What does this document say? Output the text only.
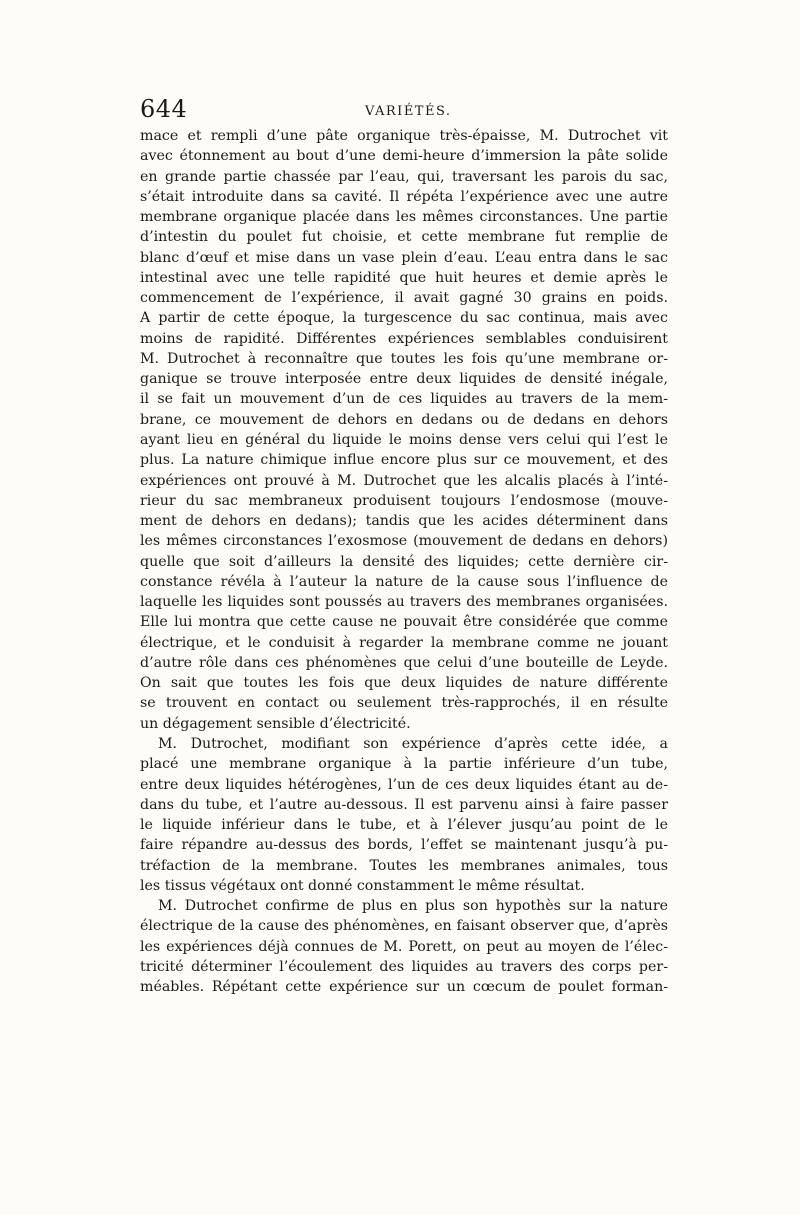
644	VARIÉTÉS.
mace et rempli d’une pâte organique très-épaisse, M. Dutrochet vit
avec étonnement au bout d’une demi-heure d’immersion la pâte solide
en grande partie chassée par l’eau, qui, traversant les parois du sac,
s’était introduite dans sa cavité. Il répéta l’expérience avec une autre
membrane organique placée dans les mêmes circonstances. Une partie
d’intestin du poulet fut choisie, et cette membrane fut remplie de
blanc d’œuf et mise dans un vase plein d’eau. L’eau entra dans le sac
intestinal avec une telle rapidité que huit heures et demie après le
commencement de l’expérience, il avait gagné 30 grains en poids.
A partir de cette époque, la turgescence du sac continua, mais avec
moins de rapidité. Différentes expériences semblables conduisirent
M. Dutrochet à reconnaître que toutes les fois qu’une membrane or-
ganique se trouve interposée entre deux liquides de densité inégale,
il se fait un mouvement d’un de ces liquides au travers de la mem-
brane, ce mouvement de dehors en dedans ou de dedans en dehors
ayant lieu en général du liquide le moins dense vers celui qui l’est le
plus. La nature chimique influe encore plus sur ce mouvement, et des
expériences ont prouvé à M. Dutrochet que les alcalis placés à l’inté-
rieur du sac membraneux produisent toujours l’endosmose (mouve-
ment de dehors en dedans); tandis que les acides déterminent dans
les mêmes circonstances l’exosmose (mouvement de dedans en dehors)
quelle que soit d’ailleurs la densité des liquides; cette dernière cir-
constance révéla à l’auteur la nature de la cause sous l’influence de
laquelle les liquides sont poussés au travers des membranes organisées.
Elle lui montra que cette cause ne pouvait être considérée que comme
électrique, et le conduisit à regarder la membrane comme ne jouant
d’autre rôle dans ces phénomènes que celui d’une bouteille de Leyde.
On sait que toutes les fois que deux liquides de nature différente
se trouvent en contact ou seulement très-rapprochés, il en résulte
un dégagement sensible d’électricité.
M. Dutrochet, modifiant son expérience d’après cette idée, a
placé une membrane organique à la partie inférieure d’un tube,
entre deux liquides hétérogènes, l’un de ces deux liquides étant au de-
dans du tube, et l’autre au-dessous. Il est parvenu ainsi à faire passer
le liquide inférieur dans le tube, et à l’élever jusqu’au point de le
faire répandre au-dessus des bords, l’effet se maintenant jusqu’à pu-
tréfaction de la membrane. Toutes les membranes animales, tous
les tissus végétaux ont donné constamment le même résultat.
M. Dutrochet confirme de plus en plus son hypothès sur la nature
électrique de la cause des phénomènes, en faisant observer que, d’après
les expériences déjà connues de M. Porett, on peut au moyen de l’élec-
tricité déterminer l’écoulement des liquides au travers des corps per-
méables. Répétant cette expérience sur un cœcum de poulet forman-
